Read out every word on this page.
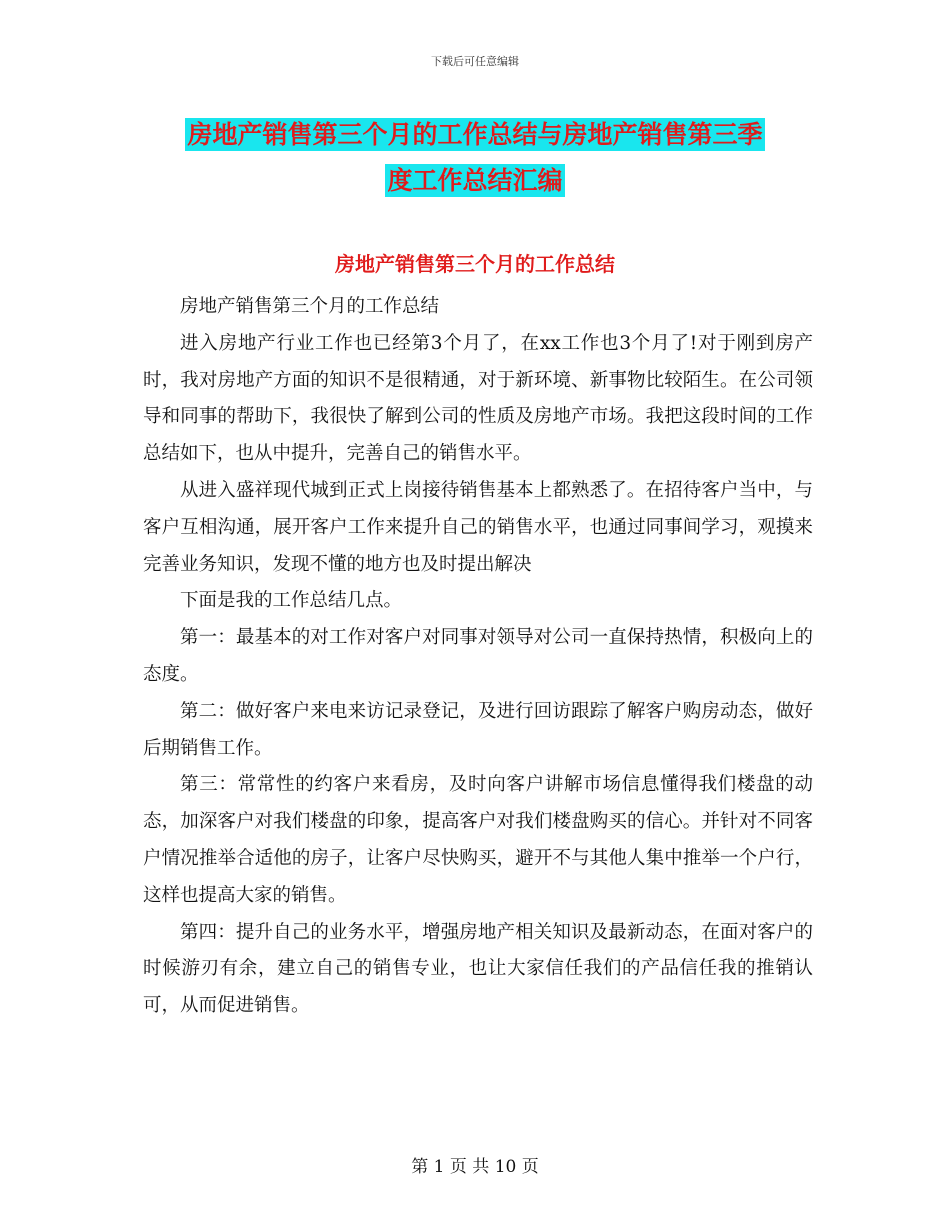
下载后可任意编辑
房地产销售第三个月的工作总结与房地产销售第三季
度工作总结汇编
房地产销售第三个月的工作总结

房地产销售第三个月的工作总结

进入房地产行业工作也已经第3个月了，在xx工作也3个月了!对于刚到房产时，我对房地产方面的知识不是很精通，对于新环境、新事物比较陌生。在公司领导和同事的帮助下，我很快了解到公司的性质及房地产市场。我把这段时间的工作总结如下，也从中提升，完善自己的销售水平。

从进入盛祥现代城到正式上岗接待销售基本上都熟悉了。在招待客户当中，与客户互相沟通，展开客户工作来提升自己的销售水平，也通过同事间学习，观摸来完善业务知识，发现不懂的地方也及时提出解决

下面是我的工作总结几点。

第一：最基本的对工作对客户对同事对领导对公司一直保持热情，积极向上的态度。

第二：做好客户来电来访记录登记，及进行回访跟踪了解客户购房动态，做好后期销售工作。

第三：常常性的约客户来看房，及时向客户讲解市场信息懂得我们楼盘的动态，加深客户对我们楼盘的印象，提高客户对我们楼盘购买的信心。并针对不同客户情况推举合适他的房子，让客户尽快购买，避开不与其他人集中推举一个户行，这样也提高大家的销售。

第四：提升自己的业务水平，增强房地产相关知识及最新动态，在面对客户的时候游刃有余，建立自己的销售专业，也让大家信任我们的产品信任我的推销认可，从而促进销售。

第 1 页 共 10 页
